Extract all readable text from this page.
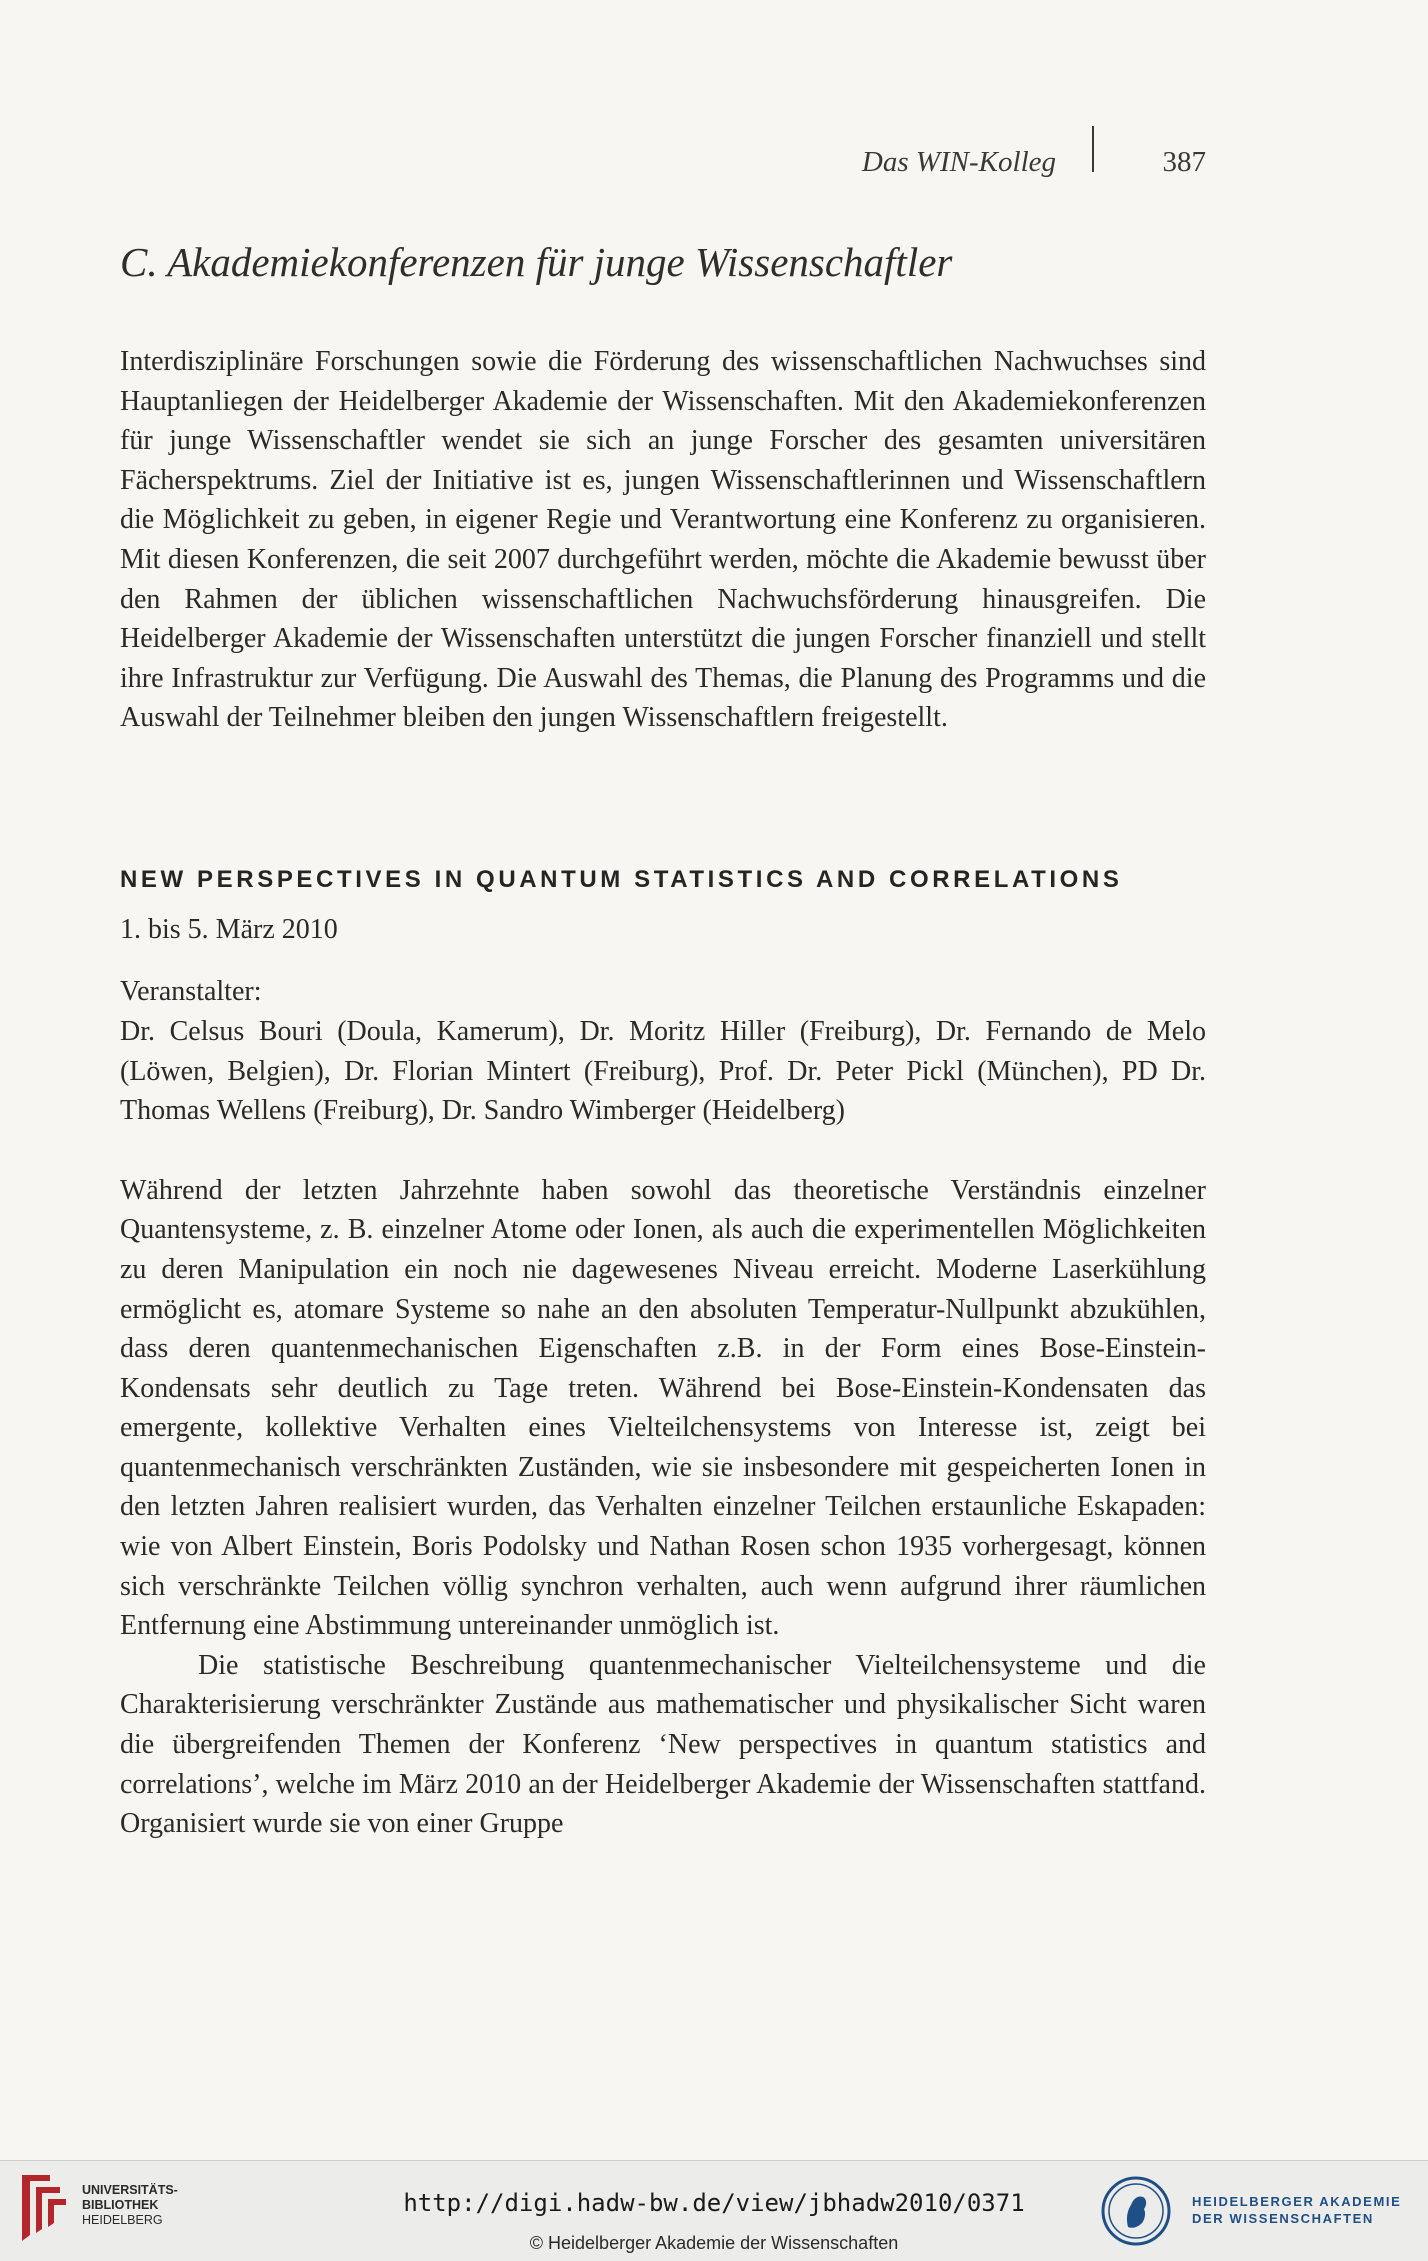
Das WIN-Kolleg	387
C. Akademiekonferenzen für junge Wissenschaftler

Interdisziplinäre Forschungen sowie die Förderung des wissenschaftlichen Nachwuchses sind Hauptanliegen der Heidelberger Akademie der Wissenschaften. Mit den Akademiekonferenzen für junge Wissenschaftler wendet sie sich an junge Forscher des gesamten universitären Fächerspektrums. Ziel der Initiative ist es, jungen Wissenschaftlerinnen und Wissenschaftlern die Möglichkeit zu geben, in eigener Regie und Verantwortung eine Konferenz zu organisieren. Mit diesen Konferenzen, die seit 2007 durchgeführt werden, möchte die Akademie bewusst über den Rahmen der üblichen wissenschaftlichen Nachwuchsförderung hinausgreifen. Die Heidelberger Akademie der Wissenschaften unterstützt die jungen Forscher finanziell und stellt ihre Infrastruktur zur Verfügung. Die Auswahl des Themas, die Planung des Programms und die Auswahl der Teilnehmer bleiben den jungen Wissenschaftlern freigestellt.

NEW PERSPECTIVES IN QUANTUM STATISTICS AND CORRELATIONS
1. bis 5. März 2010
Veranstalter:

Dr. Celsus Bouri (Doula, Kamerum), Dr. Moritz Hiller (Freiburg), Dr. Fernando de Melo (Löwen, Belgien), Dr. Florian Mintert (Freiburg), Prof. Dr. Peter Pickl (München), PD Dr. Thomas Wellens (Freiburg), Dr. Sandro Wimberger (Heidelberg)

Während der letzten Jahrzehnte haben sowohl das theoretische Verständnis einzelner Quantensysteme, z. B. einzelner Atome oder Ionen, als auch die experimentellen Möglichkeiten zu deren Manipulation ein noch nie dagewesenes Niveau erreicht. Moderne Laserkühlung ermöglicht es, atomare Systeme so nahe an den absoluten Temperatur-Nullpunkt abzukühlen, dass deren quantenmechanischen Eigenschaften z.B. in der Form eines Bose-Einstein-Kondensats sehr deutlich zu Tage treten. Während bei Bose-Einstein-Kondensaten das emergente, kollektive Verhalten eines Vielteilchensystems von Interesse ist, zeigt bei quantenmechanisch verschränkten Zuständen, wie sie insbesondere mit gespeicherten Ionen in den letzten Jahren realisiert wurden, das Verhalten einzelner Teilchen erstaunliche Eskapaden: wie von Albert Einstein, Boris Podolsky und Nathan Rosen schon 1935 vorhergesagt, können sich verschränkte Teilchen völlig synchron verhalten, auch wenn aufgrund ihrer räumlichen Entfernung eine Abstimmung untereinander unmöglich ist.

Die statistische Beschreibung quantenmechanischer Vielteilchensysteme und die Charakterisierung verschränkter Zustände aus mathematischer und physikalischer Sicht waren die übergreifenden Themen der Konferenz ‘New perspectives in quantum statistics and correlations’, welche im März 2010 an der Heidelberger Akademie der Wissenschaften stattfand. Organisiert wurde sie von einer Gruppe

UNIVERSITÄTS-
BIBLIOTHEK
HEIDELBERG
http://digi.hadw-bw.de/view/jbhadw2010/0371
© Heidelberger Akademie der Wissenschaften
HEIDELBERGER AKADEMIE
DER WISSENSCHAFTEN
